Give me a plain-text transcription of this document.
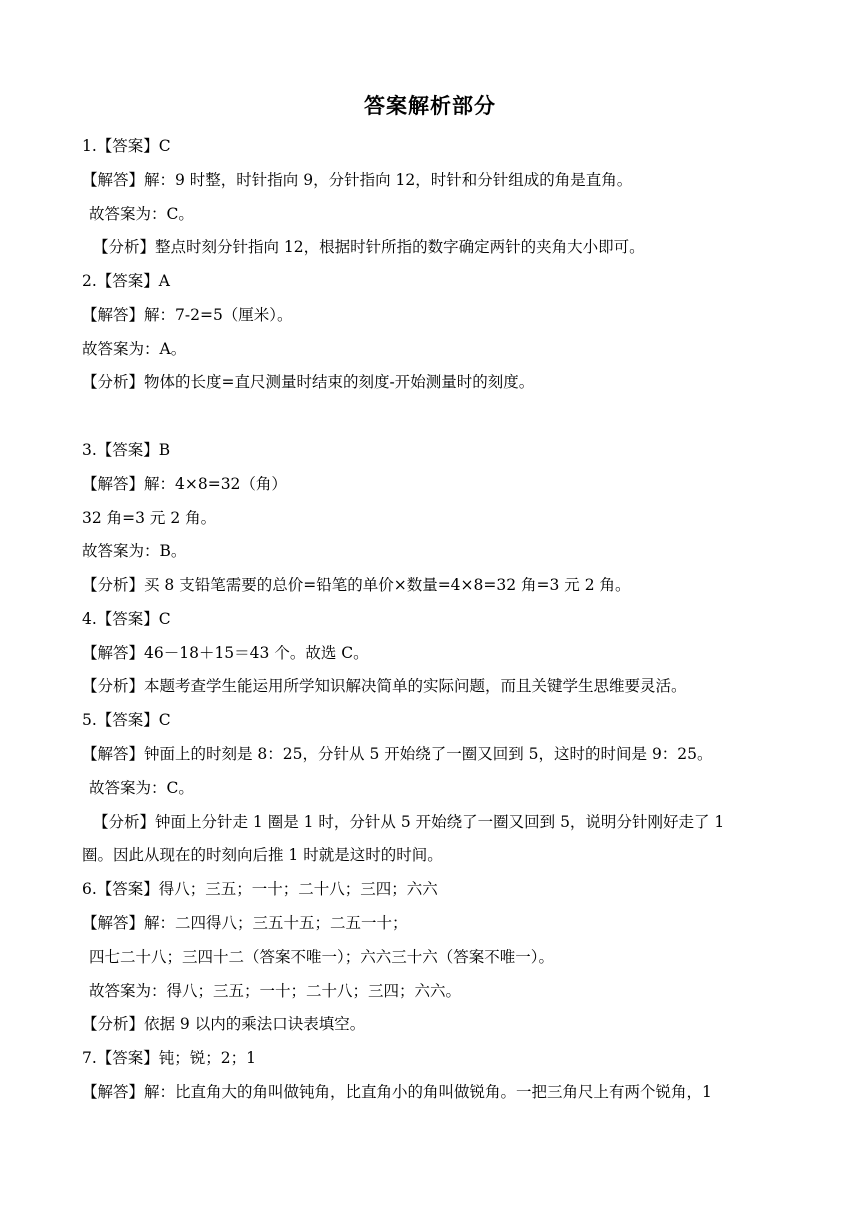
答案解析部分
1.【答案】C
【解答】解：9 时整，时针指向 9，分针指向 12，时针和分针组成的角是直角。
故答案为：C。
【分析】整点时刻分针指向 12，根据时针所指的数字确定两针的夹角大小即可。
2.【答案】A
【解答】解：7-2=5（厘米）。
故答案为：A。
【分析】物体的长度=直尺测量时结束的刻度-开始测量时的刻度。
3.【答案】B
【解答】解：4×8=32（角）
32 角=3 元 2 角。
故答案为：B。
【分析】买 8 支铅笔需要的总价=铅笔的单价×数量=4×8=32 角=3 元 2 角。
4.【答案】C
【解答】46－18＋15＝43 个。故选 C。
【分析】本题考查学生能运用所学知识解决简单的实际问题，而且关键学生思维要灵活。
5.【答案】C
【解答】钟面上的时刻是 8：25，分针从 5 开始绕了一圈又回到 5，这时的时间是 9：25。
故答案为：C。
【分析】钟面上分针走 1 圈是 1 时，分针从 5 开始绕了一圈又回到 5，说明分针刚好走了 1
圈。因此从现在的时刻向后推 1 时就是这时的时间。
6.【答案】得八；三五；一十；二十八；三四；六六
【解答】解：二四得八；三五十五；二五一十；
四七二十八；三四十二（答案不唯一）；六六三十六（答案不唯一）。
故答案为：得八；三五；一十；二十八；三四；六六。
【分析】依据 9 以内的乘法口诀表填空。
7.【答案】钝；锐；2；1
【解答】解：比直角大的角叫做钝角，比直角小的角叫做锐角。一把三角尺上有两个锐角，1
